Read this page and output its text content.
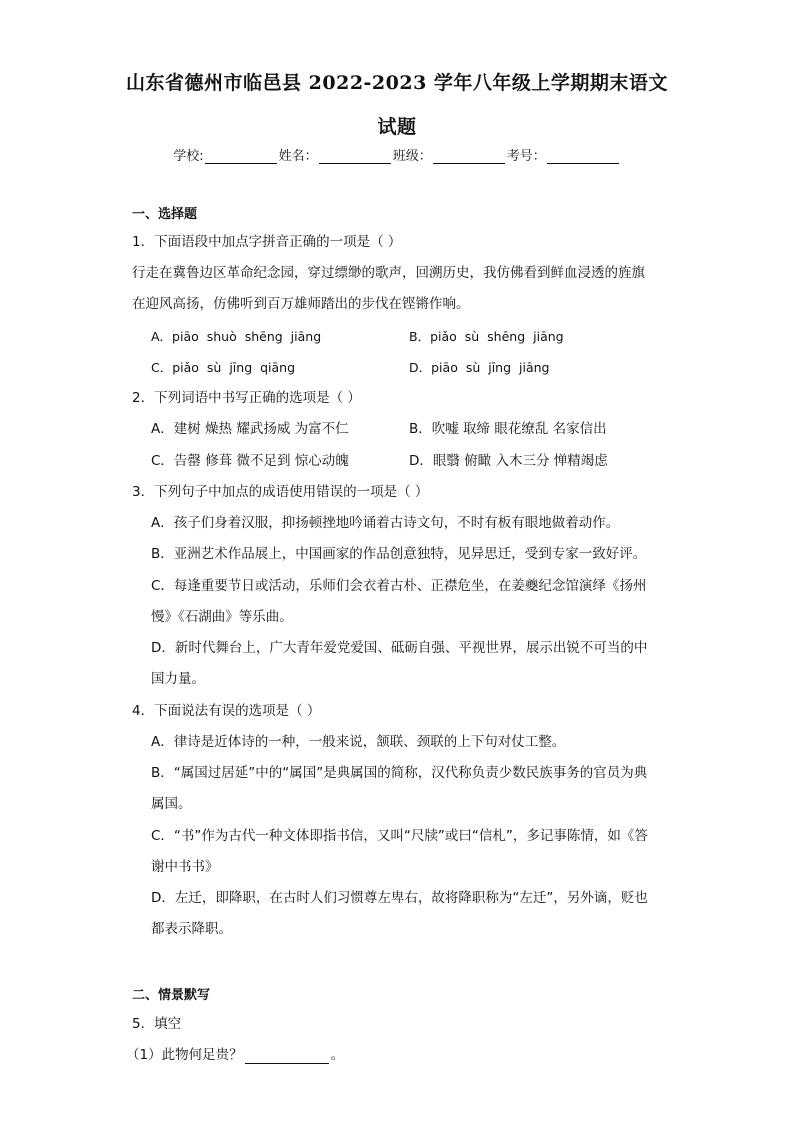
山东省德州市临邑县 2022-2023 学年八年级上学期期末语文
试题
学校:	姓名：	班级：	考号：
一、选择题
1．下面语段中加点字拼音正确的一项是（ ）
行走在冀鲁边区革命纪念园，穿过缥缈的歌声，回溯历史，我仿佛看到鲜血浸透的旌旗
在迎风高扬，仿佛听到百万雄师踏出的步伐在铿锵作响。
A．piāo shuò shēng jiāng	B．piǎo sù shēng jiāng
C．piǎo sù jīng qiāng	D．piāo sù jīng jiāng
2．下列词语中书写正确的选项是（ ）
A．建树 燥热 耀武扬威 为富不仁	B．吹嘘 取缔 眼花缭乱 名家信出
C．告罄 修葺 微不足到 惊心动魄	D．眼翳 俯瞰 入木三分 惮精竭虑
3．下列句子中加点的成语使用错误的一项是（ ）
A．孩子们身着汉服，抑扬顿挫地吟诵着古诗文句，不时有板有眼地做着动作。
B．亚洲艺术作品展上，中国画家的作品创意独特，见异思迁，受到专家一致好评。
C．每逢重要节日或活动，乐师们会衣着古朴、正襟危坐，在姜夔纪念馆演绎《扬州
慢》《石湖曲》等乐曲。
D．新时代舞台上，广大青年爱党爱国、砥砺自强、平视世界，展示出锐不可当的中
国力量。
4．下面说法有误的选项是（ ）
A．律诗是近体诗的一种，一般来说，颔联、颈联的上下句对仗工整。
B．“属国过居延”中的“属国”是典属国的简称，汉代称负责少数民族事务的官员为典
属国。
C．“书”作为古代一种文体即指书信，又叫“尺牍”或曰“信札”，多记事陈情，如《答
谢中书书》
D．左迁，即降职，在古时人们习惯尊左卑右，故将降职称为“左迁”，另外谪，贬也
都表示降职。
二、情景默写
5．填空
（1）此物何足贵？	。
